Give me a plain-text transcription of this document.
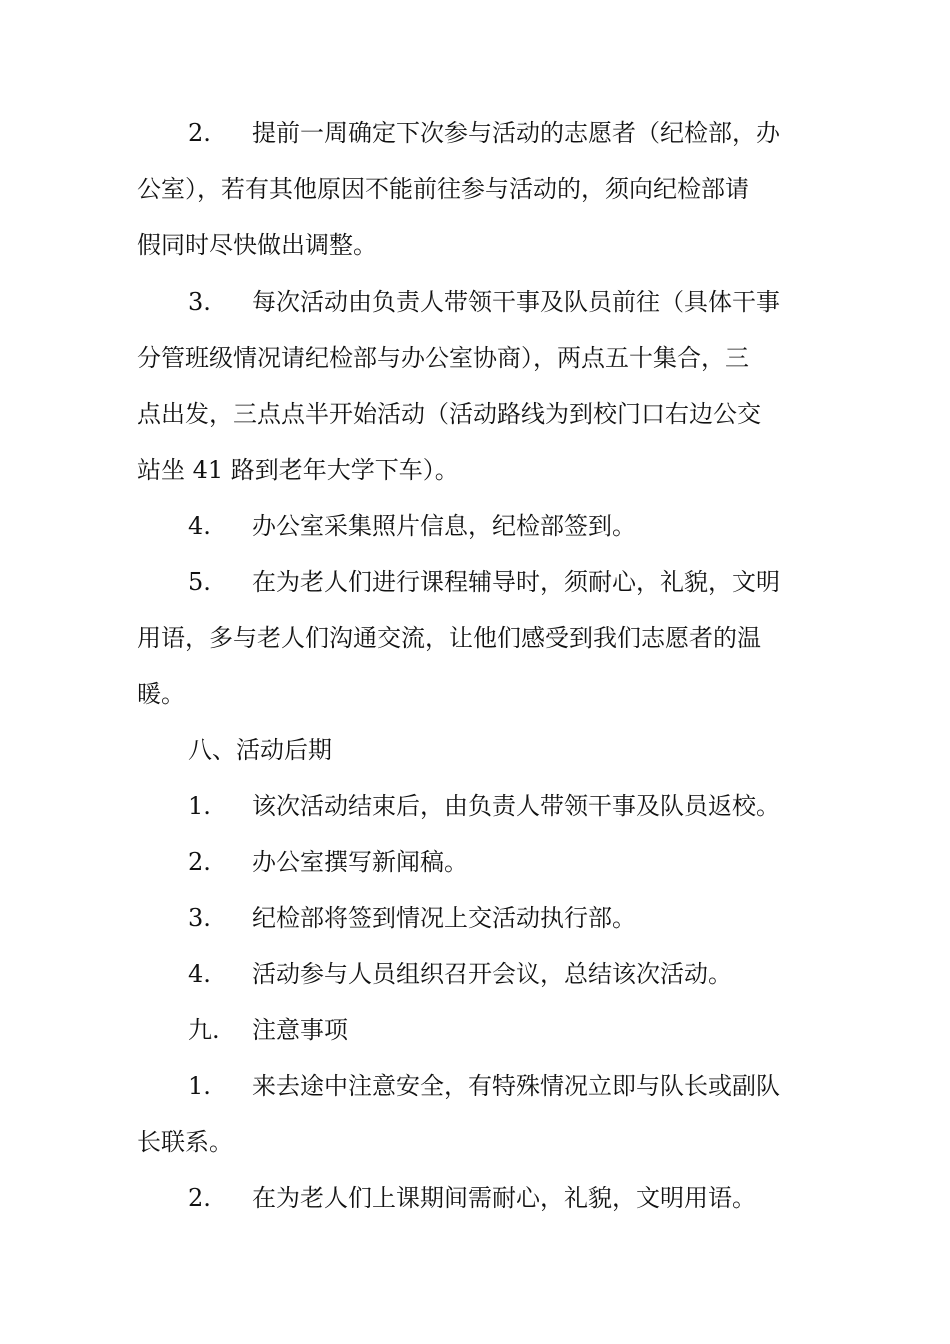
2.	提前一周确定下次参与活动的志愿者（纪检部，办
公室），若有其他原因不能前往参与活动的，须向纪检部请
假同时尽快做出调整。
3.	每次活动由负责人带领干事及队员前往（具体干事
分管班级情况请纪检部与办公室协商），两点五十集合，三
点出发，三点点半开始活动（活动路线为到校门口右边公交
站坐 41 路到老年大学下车）。
4.	办公室采集照片信息，纪检部签到。
5.	在为老人们进行课程辅导时，须耐心，礼貌，文明
用语，多与老人们沟通交流，让他们感受到我们志愿者的温
暖。
八、活动后期
1.	该次活动结束后，由负责人带领干事及队员返校。
2.	办公室撰写新闻稿。
3.	纪检部将签到情况上交活动执行部。
4.	活动参与人员组织召开会议，总结该次活动。
九.	注意事项
1.	来去途中注意安全，有特殊情况立即与队长或副队
长联系。
2.	在为老人们上课期间需耐心，礼貌，文明用语。
